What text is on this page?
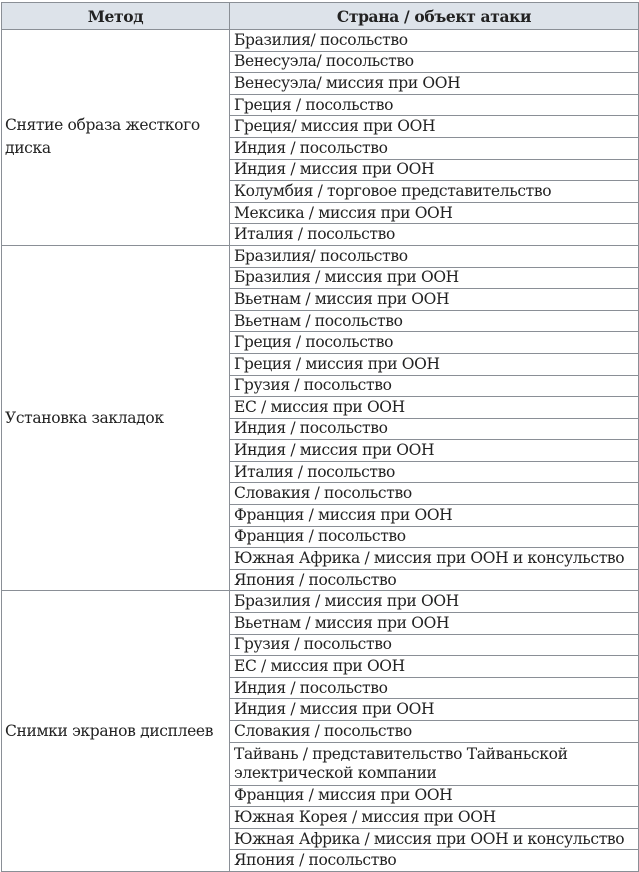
Метод	Страна / объект атаки
Снятие образа жесткого диска	Бразилия/ посольство
	Венесуэла/ посольство
	Венесуэла/ миссия при ООН
	Греция / посольство
	Греция/ миссия при ООН
	Индия / посольство
	Индия / миссия при ООН
	Колумбия / торговое представительство
	Мексика / миссия при ООН
	Италия / посольство
Установка закладок	Бразилия/ посольство
	Бразилия / миссия при ООН
	Вьетнам / миссия при ООН
	Вьетнам / посольство
	Греция / посольство
	Греция / миссия при ООН
	Грузия / посольство
	ЕС / миссия при ООН
	Индия / посольство
	Индия / миссия при ООН
	Италия / посольство
	Словакия / посольство
	Франция / миссия при ООН
	Франция / посольство
	Южная Африка / миссия при ООН и консульство
	Япония / посольство
Снимки экранов дисплеев	Бразилия / миссия при ООН
	Вьетнам / миссия при ООН
	Грузия / посольство
	ЕС / миссия при ООН
	Индия / посольство
	Индия / миссия при ООН
	Словакия / посольство
	Тайвань / представительство Тайваньской электрической компании
	Франция / миссия при ООН
	Южная Корея / миссия при ООН
	Южная Африка / миссия при ООН и консульство
	Япония / посольство
